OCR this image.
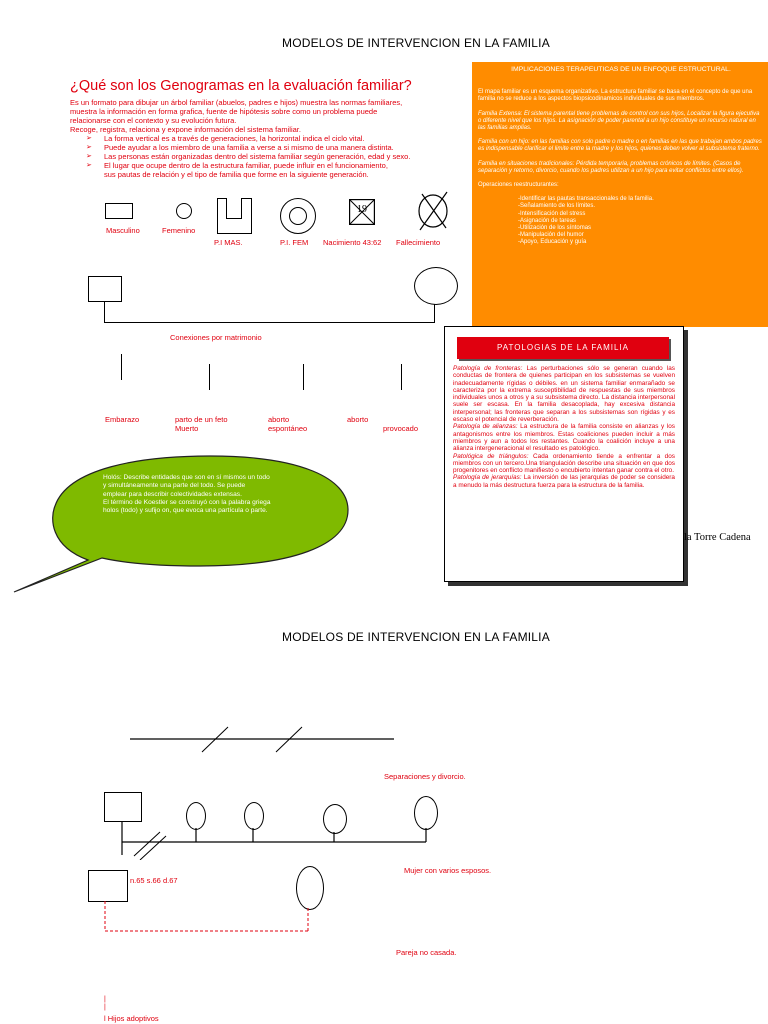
MODELOS DE INTERVENCION EN LA FAMILIA
¿Qué son los Genogramas en la evaluación familiar?
Es un formato para dibujar un árbol familiar (abuelos, padres e hijos) muestra las normas familiares,
muestra la información en forma grafica, fuente de hipótesis sobre como un problema puede
relacionarse con el contexto y su evolución futura.
Recoge, registra, relaciona y expone información del sistema familiar.
➢ La forma vertical es a través de generaciones, la horizontal indica el ciclo vital.
➢ Puede ayudar a los miembro de una familia a verse a si mismo de una manera distinta.
➢ Las personas están organizadas dentro del sistema familiar según generación, edad y sexo.
➢ El lugar que ocupe dentro de la estructura familiar, puede influir en el funcionamiento,
sus pautas de relación y el tipo de familia que forme en la siguiente generación.
19
Masculino	Femenino
P.I MAS.	P.I. FEM Nacimiento 43:62 Fallecimiento
Conexiones por matrimonio
Embarazo	parto de un feto
Muerto
aborto
espontáneo
aborto
provocado
Holós: Describe entidades que son en sí mismos un todo
y simultáneamente una parte del todo. Se puede
emplear para describir colectividades extensas.
El término de Koestler se construyó con la palabra griega
holos (todo) y sufijo on, que evoca una partícula o parte.
IMPLICACIONES TERAPEUTICAS DE UN ENFOQUE ESTRUCTURAL.

El mapa familiar es un esquema organizativo. La estructura familiar se basa en el concepto de que una familia no se reduce a los aspectos biopsicodinamicos individuales de sus miembros.

Familia Extensa: El sistema parental tiene problemas de control con sus hijos, Localizar la figura ejecutiva o diferente nivel que los hijos. La asignación de poder parental a un hijo constituye un recurso natural en las familias amplias.

Familia con un hijo: en las familias con solo padre o madre o en familias en las que trabajan ambos padres es indispensable clarificar el limite entre la madre y los hijos, quienes deben volver al subsistema fraterno.

Familia en situaciones tradicionales: Pérdida temporaria, problemas crónicos de límites. (Casos de separación y retorno, divorcio, cuando los padres utilizan a un hijo para evitar conflictos entre ellos).

Operaciones reestructurantes:

-Identificar las pautas transaccionales de la familia.
-Señalamiento de los límites.
-Intensificación del stress
-Asignación de tareas
-Utilización de los síntomas
-Manipulación del humor
-Apoyo, Educación y guía
PATOLOGIAS DE LA FAMILIA
Patología de fronteras: Las perturbaciones sólo se generan cuando las conductas de frontera de quienes participan en los subsistemas se vuelven inadecuadamente rígidas o débiles. en un sistema familiar enmarañado se caracteriza por la extrema susceptibilidad de respuestas de sus miembros individuales unos a otros y a su subsistema directo. La distancia interpersonal suele ser escasa. En la familia desacoplada, hay excesiva distancia interpersonal; las fronteras que separan a los subsistemas son rígidas y es escaso el potencial de reverberación.
Patología de alianzas: La estructura de la familia consiste en alianzas y los antagonismos entre los miembros. Estas coaliciones pueden incluir a más miembros y aun a todos los restantes. Cuando la coalición incluye a una alianza intergeneracional el resultado es patológico.
Patológica de triángulos: Cada ordenamiento tiende a enfrentar a dos miembros con un tercero.Una triangulación describe una situación en que dos progenitores en conflicto manifiesto o encubierto intentan ganar contra el otro.
Patología de jerarquías: La inversión de las jerarquías de poder se considera a menudo la más destructura fuerza para la estructura de la familia.
la Torre Cadena
MODELOS DE INTERVENCION EN LA FAMILIA
Separaciones y divorcio.
Mujer con varios esposos.
n.65 s.66 d.67
Pareja no casada.
|
|
l Hijos adoptivos
